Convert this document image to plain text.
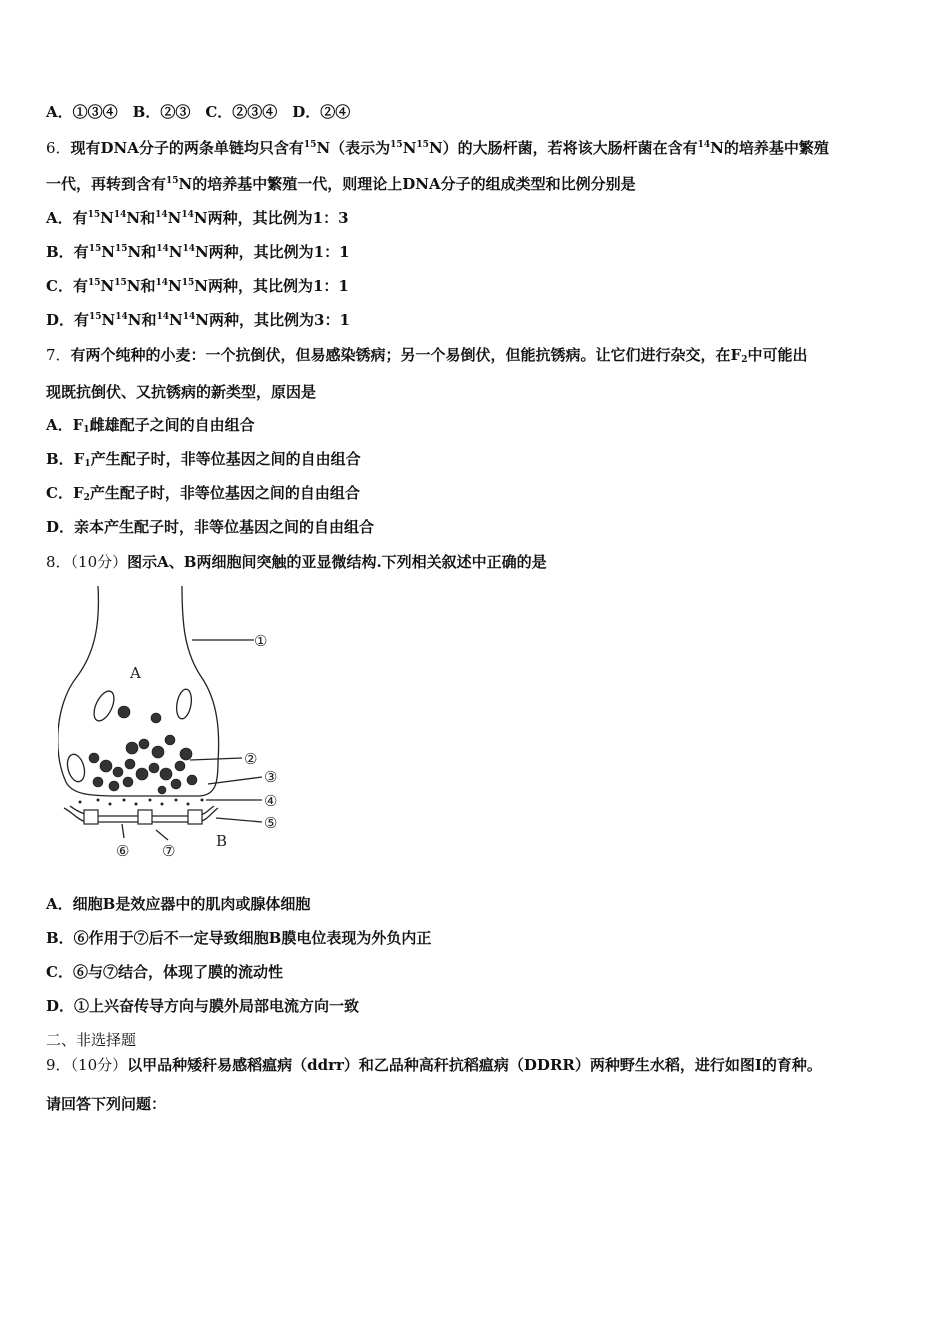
A．①③④　B．②③　C．②③④　D．②④
6．现有DNA分子的两条单链均只含有$^{15}$N（表示为$^{15}N^{15}N$）的大肠杆菌，若将该大肠杆菌在含有$^{14}$N的培养基中繁殖
一代，再转到含有$^{15}$N的培养基中繁殖一代，则理论上DNA分子的组成类型和比例分别是
A．有$^{15}N^{14}N$和$^{14}N^{14}N$两种，其比例为1：3
B．有$^{15}N^{15}N$和$^{14}N^{14}N$两种，其比例为1：1
C．有$^{15}N^{15}N$和$^{14}N^{15}N$两种，其比例为1：1
D．有$^{15}N^{14}N$和$^{14}N^{14}N$两种，其比例为3：1
7．有两个纯种的小麦：一个抗倒伏，但易感染锈病；另一个易倒伏，但能抗锈病。让它们进行杂交，在$F_2$中可能出
现既抗倒伏、又抗锈病的新类型，原因是
A．$F_1$雌雄配子之间的自由组合
B．$F_1$产生配子时，非等位基因之间的自由组合
C．$F_2$产生配子时，非等位基因之间的自由组合
D．亲本产生配子时，非等位基因之间的自由组合
8．（10分）图示A、B两细胞间突触的亚显微结构.下列相关叙述中正确的是
A
B
①
②
③
④
⑤
⑥ ⑦
A．细胞B是效应器中的肌肉或腺体细胞
B．⑥作用于⑦后不一定导致细胞B膜电位表现为外负内正
C．⑥与⑦结合，体现了膜的流动性
D．①上兴奋传导方向与膜外局部电流方向一致
二、非选择题
9．（10分）以甲品种矮秆易感稻瘟病（ddrr）和乙品种高秆抗稻瘟病（DDRR）两种野生水稻，进行如图I的育种。
请回答下列问题：
